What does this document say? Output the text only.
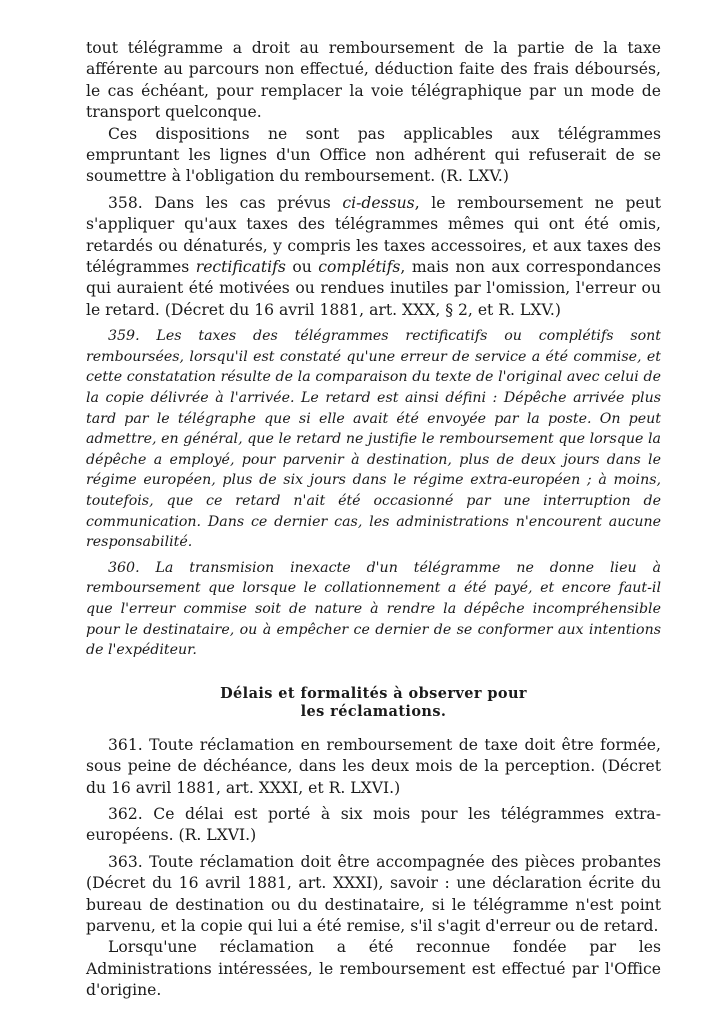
tout télégramme a droit au remboursement de la partie de la taxe afférente au parcours non effectué, déduction faite des frais déboursés, le cas échéant, pour remplacer la voie télégraphique par un mode de transport quelconque.

Ces dispositions ne sont pas applicables aux télégrammes empruntant les lignes d'un Office non adhérent qui refuserait de se soumettre à l'obligation du remboursement. (R. LXV.)

358. Dans les cas prévus ci-dessus, le remboursement ne peut s'appliquer qu'aux taxes des télégrammes mêmes qui ont été omis, retardés ou dénaturés, y compris les taxes accessoires, et aux taxes des télégrammes rectificatifs ou complétifs, mais non aux correspondances qui auraient été motivées ou rendues inutiles par l'omission, l'erreur ou le retard. (Décret du 16 avril 1881, art. XXX, § 2, et R. LXV.)

359. Les taxes des télégrammes rectificatifs ou complétifs sont remboursées, lorsqu'il est constaté qu'une erreur de service a été commise, et cette constatation résulte de la comparaison du texte de l'original avec celui de la copie délivrée à l'arrivée. Le retard est ainsi défini : Dépêche arrivée plus tard par le télégraphe que si elle avait été envoyée par la poste. On peut admettre, en général, que le retard ne justifie le remboursement que lorsque la dépêche a employé, pour parvenir à destination, plus de deux jours dans le régime européen, plus de six jours dans le régime extra-européen ; à moins, toutefois, que ce retard n'ait été occasionné par une interruption de communication. Dans ce dernier cas, les administrations n'encourent aucune responsabilité.

360. La transmision inexacte d'un télégramme ne donne lieu à remboursement que lorsque le collationnement a été payé, et encore faut-il que l'erreur commise soit de nature à rendre la dépêche incompréhensible pour le destinataire, ou à empêcher ce dernier de se conformer aux intentions de l'expéditeur.

Délais et formalités à observer pour
les réclamations.

361. Toute réclamation en remboursement de taxe doit être formée, sous peine de déchéance, dans les deux mois de la perception. (Décret du 16 avril 1881, art. XXXI, et R. LXVI.)

362. Ce délai est porté à six mois pour les télégrammes extra-européens. (R. LXVI.)

363. Toute réclamation doit être accompagnée des pièces probantes (Décret du 16 avril 1881, art. XXXI), savoir : une déclaration écrite du bureau de destination ou du destinataire, si le télégramme n'est point parvenu, et la copie qui lui a été remise, s'il s'agit d'erreur ou de retard.

Lorsqu'une réclamation a été reconnue fondée par les Administrations intéressées, le remboursement est effectué par l'Office d'origine.
